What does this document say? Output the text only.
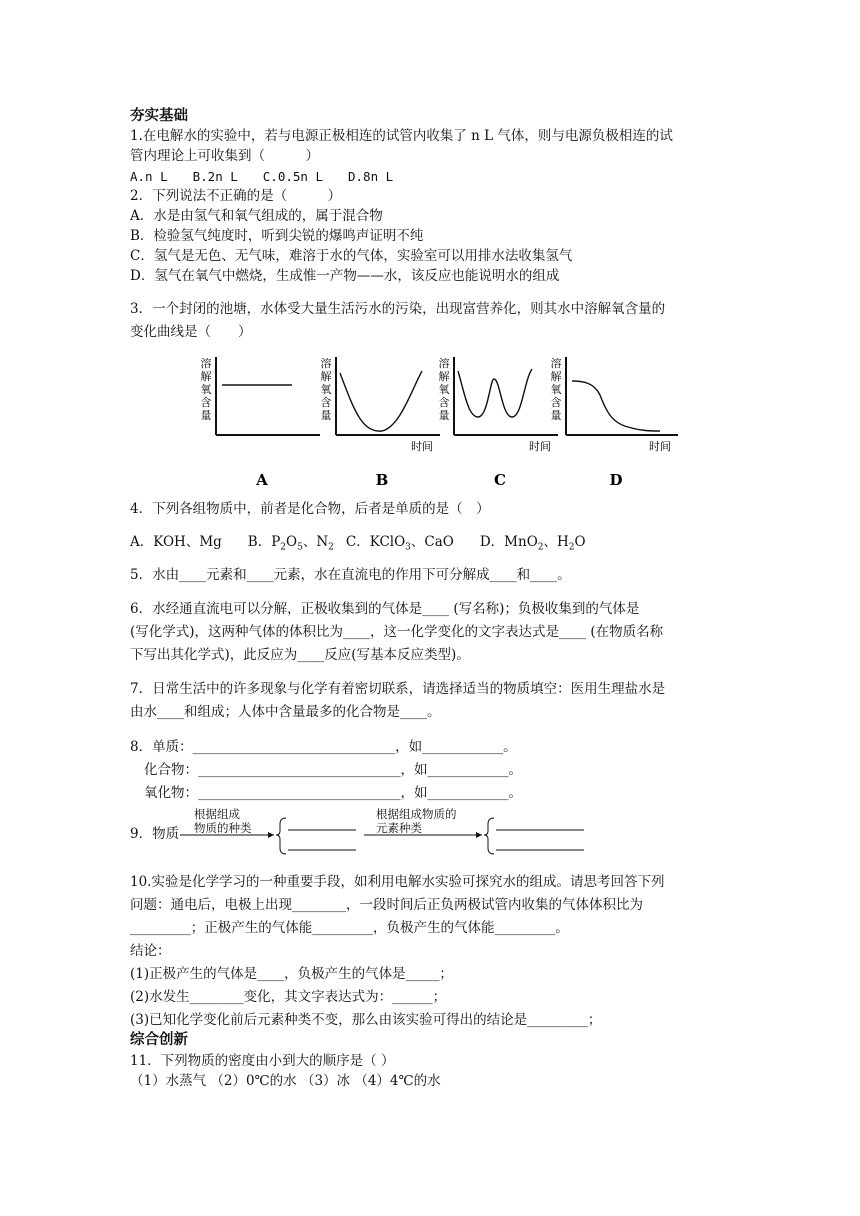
夯实基础
1.在电解水的实验中，若与电源正极相连的试管内收集了 n L 气体，则与电源负极相连的试
管内理论上可收集到（　　　）
A.n L　　B.2n L　　C.0.5n L　　D.8n L
2．下列说法不正确的是（　　　）
A．水是由氢气和氧气组成的，属于混合物
B．检验氢气纯度时，听到尖锐的爆鸣声证明不纯
C．氢气是无色、无气味，难溶于水的气体，实验室可以用排水法收集氢气
D．氢气在氧气中燃烧，生成惟一产物——水，该反应也能说明水的组成
3．一个封闭的池塘，水体受大量生活污水的污染，出现富营养化，则其水中溶解氧含量的
变化曲线是（　　）
溶解氧含量
A
溶解氧含量
时间
B
溶解氧含量
时间
C
溶解氧含量
时间
D
4．下列各组物质中，前者是化合物，后者是单质的是（　）
A．KOH、Mg B．$P_2O_5$、$N_2$ C．KClO$_3$、CaO D．MnO$_2$、$H_2O$
5．水由____元素和____元素，水在直流电的作用下可分解成____和____。
6．水经通直流电可以分解，正极收集到的气体是____ (写名称)；负极收集到的气体是
(写化学式)，这两种气体的体积比为____，这一化学变化的文字表达式是____ (在物质名称
下写出其化学式)，此反应为____反应(写基本反应类型)。
7．日常生活中的许多现象与化学有着密切联系，请选择适当的物质填空：医用生理盐水是
由水____和组成；人体中含量最多的化合物是____。
8．单质：______________________________，如____________。
化合物：______________________________，如____________。
氧化物：______________________________，如____________。
9．物质
根据组成
物质的种类
根据组成物质的
元素种类
10.实验是化学学习的一种重要手段，如利用电解水实验可探究水的组成。请思考回答下列
问题：通电后，电极上出现________，一段时间后正负两极试管内收集的气体体积比为
_________；正极产生的气体能_________，负极产生的气体能_________。
结论：
(1)正极产生的气体是____，负极产生的气体是_____；
(2)水发生________变化，其文字表达式为：______；
(3)已知化学变化前后元素种类不变，那么由该实验可得出的结论是_________；
综合创新
11．下列物质的密度由小到大的顺序是（ ）
（1）水蒸气 （2）0℃的水 （3）冰 （4）4℃的水
